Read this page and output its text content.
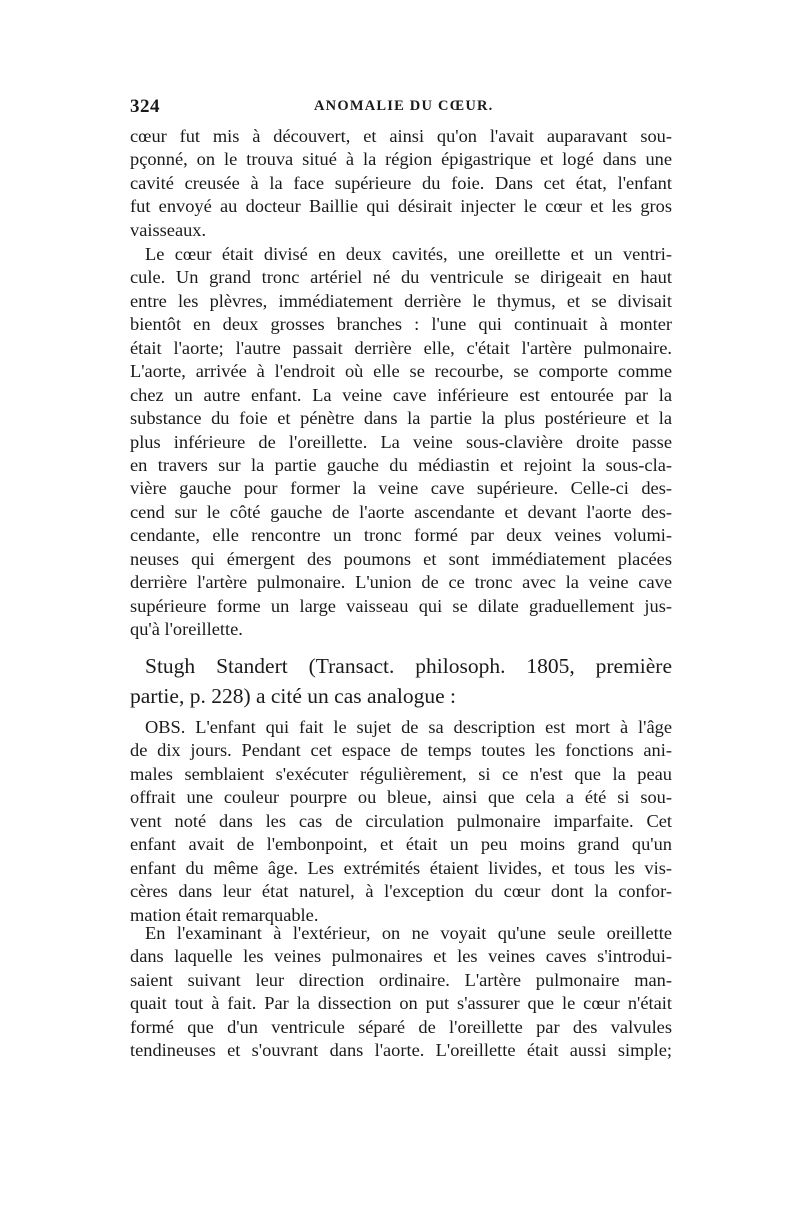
324	ANOMALIE DU CŒUR.
cœur fut mis à découvert, et ainsi qu'on l'avait auparavant sou-
pçonné, on le trouva situé à la région épigastrique et logé dans une
cavité creusée à la face supérieure du foie. Dans cet état, l'enfant
fut envoyé au docteur Baillie qui désirait injecter le cœur et les gros
vaisseaux.
Le cœur était divisé en deux cavités, une oreillette et un ventri-
cule. Un grand tronc artériel né du ventricule se dirigeait en haut
entre les plèvres, immédiatement derrière le thymus, et se divisait
bientôt en deux grosses branches : l'une qui continuait à monter
était l'aorte; l'autre passait derrière elle, c'était l'artère pulmonaire.
L'aorte, arrivée à l'endroit où elle se recourbe, se comporte comme
chez un autre enfant. La veine cave inférieure est entourée par la
substance du foie et pénètre dans la partie la plus postérieure et la
plus inférieure de l'oreillette. La veine sous-clavière droite passe
en travers sur la partie gauche du médiastin et rejoint la sous-cla-
vière gauche pour former la veine cave supérieure. Celle-ci des-
cend sur le côté gauche de l'aorte ascendante et devant l'aorte des-
cendante, elle rencontre un tronc formé par deux veines volumi-
neuses qui émergent des poumons et sont immédiatement placées
derrière l'artère pulmonaire. L'union de ce tronc avec la veine cave
supérieure forme un large vaisseau qui se dilate graduellement jus-
qu'à l'oreillette.
Stugh Standert (Transact. philosoph. 1805, première
partie, p. 228) a cité un cas analogue :
OBS. L'enfant qui fait le sujet de sa description est mort à l'âge
de dix jours. Pendant cet espace de temps toutes les fonctions ani-
males semblaient s'exécuter régulièrement, si ce n'est que la peau
offrait une couleur pourpre ou bleue, ainsi que cela a été si sou-
vent noté dans les cas de circulation pulmonaire imparfaite. Cet
enfant avait de l'embonpoint, et était un peu moins grand qu'un
enfant du même âge. Les extrémités étaient livides, et tous les vis-
cères dans leur état naturel, à l'exception du cœur dont la confor-
mation était remarquable.
En l'examinant à l'extérieur, on ne voyait qu'une seule oreillette
dans laquelle les veines pulmonaires et les veines caves s'introdui-
saient suivant leur direction ordinaire. L'artère pulmonaire man-
quait tout à fait. Par la dissection on put s'assurer que le cœur n'était
formé que d'un ventricule séparé de l'oreillette par des valvules
tendineuses et s'ouvrant dans l'aorte. L'oreillette était aussi simple;
